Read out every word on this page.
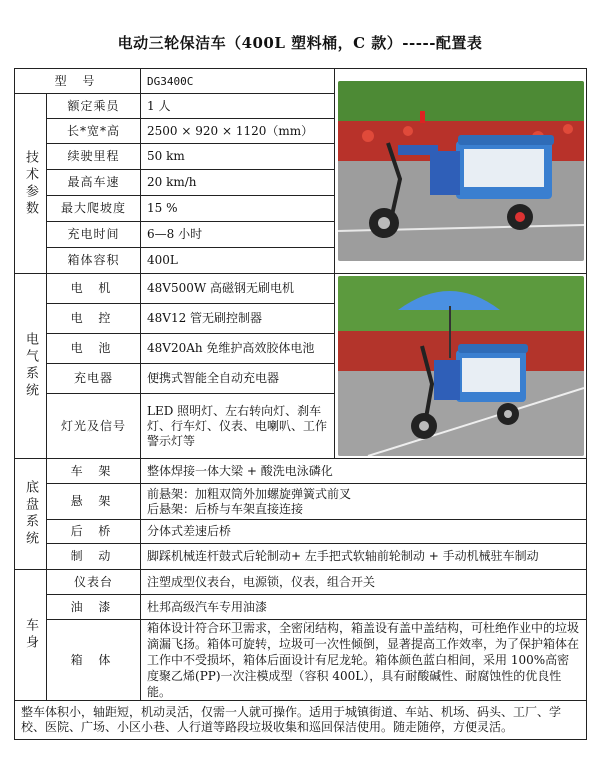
电动三轮保洁车（400L 塑料桶，C 款）-----配置表
型 号		DG3400C	

技术参数	额定乘员	1 人	
	长*宽*高	2500 × 920 × 1120（mm）	
	续驶里程	50 km	
	最高车速	20 km/h	
	最大爬坡度	15 %	
	充电时间	6—8 小时	
	箱体容积	400L	
电气系统	电 机	48V500W 高磁钢无刷电机	

	电 控	48V12 管无刷控制器	
	电 池	48V20Ah 免维护高效胶体电池	
	充电器	便携式智能全自动充电器	
	灯光及信号	LED 照明灯、左右转向灯、刹车灯、行车灯、仪表、电喇叭、工作警示灯等	
底盘系统	车 架	整体焊接一体大梁 + 酸洗电泳磷化	
	悬 架	前悬架：加粗双筒外加螺旋弹簧式前叉
后悬架：后桥与车架直接连接	

	后 桥	分体式差速后桥	
	制 动	脚踩机械连杆鼓式后轮制动+ 左手把式软轴前轮制动 + 手动机械驻车制动	
车身	仪表台	注塑成型仪表台，电源锁，仪表，组合开关	
	油 漆	杜邦高级汽车专用油漆	
	箱 体	箱体设计符合环卫需求，全密闭结构，箱盖设有盖中盖结构，可杜绝作业中的垃圾滴漏飞扬。箱体可旋转，垃圾可一次性倾倒，显著提高工作效率，为了保护箱体在工作中不受损坏，箱体后面设计有尼龙轮。箱体颜色蓝白相间，采用 100%高密度聚乙烯(PP)一次注模成型（容积 400L），具有耐酸碱性、耐腐蚀性的优良性能。	
整车体积小，轴距短，机动灵活，仅需一人就可操作。适用于城镇街道、车站、机场、码头、工厂、学校、医院、广场、小区小巷、人行道等路段垃圾收集和巡回保洁使用。随走随停，方便灵活。			
